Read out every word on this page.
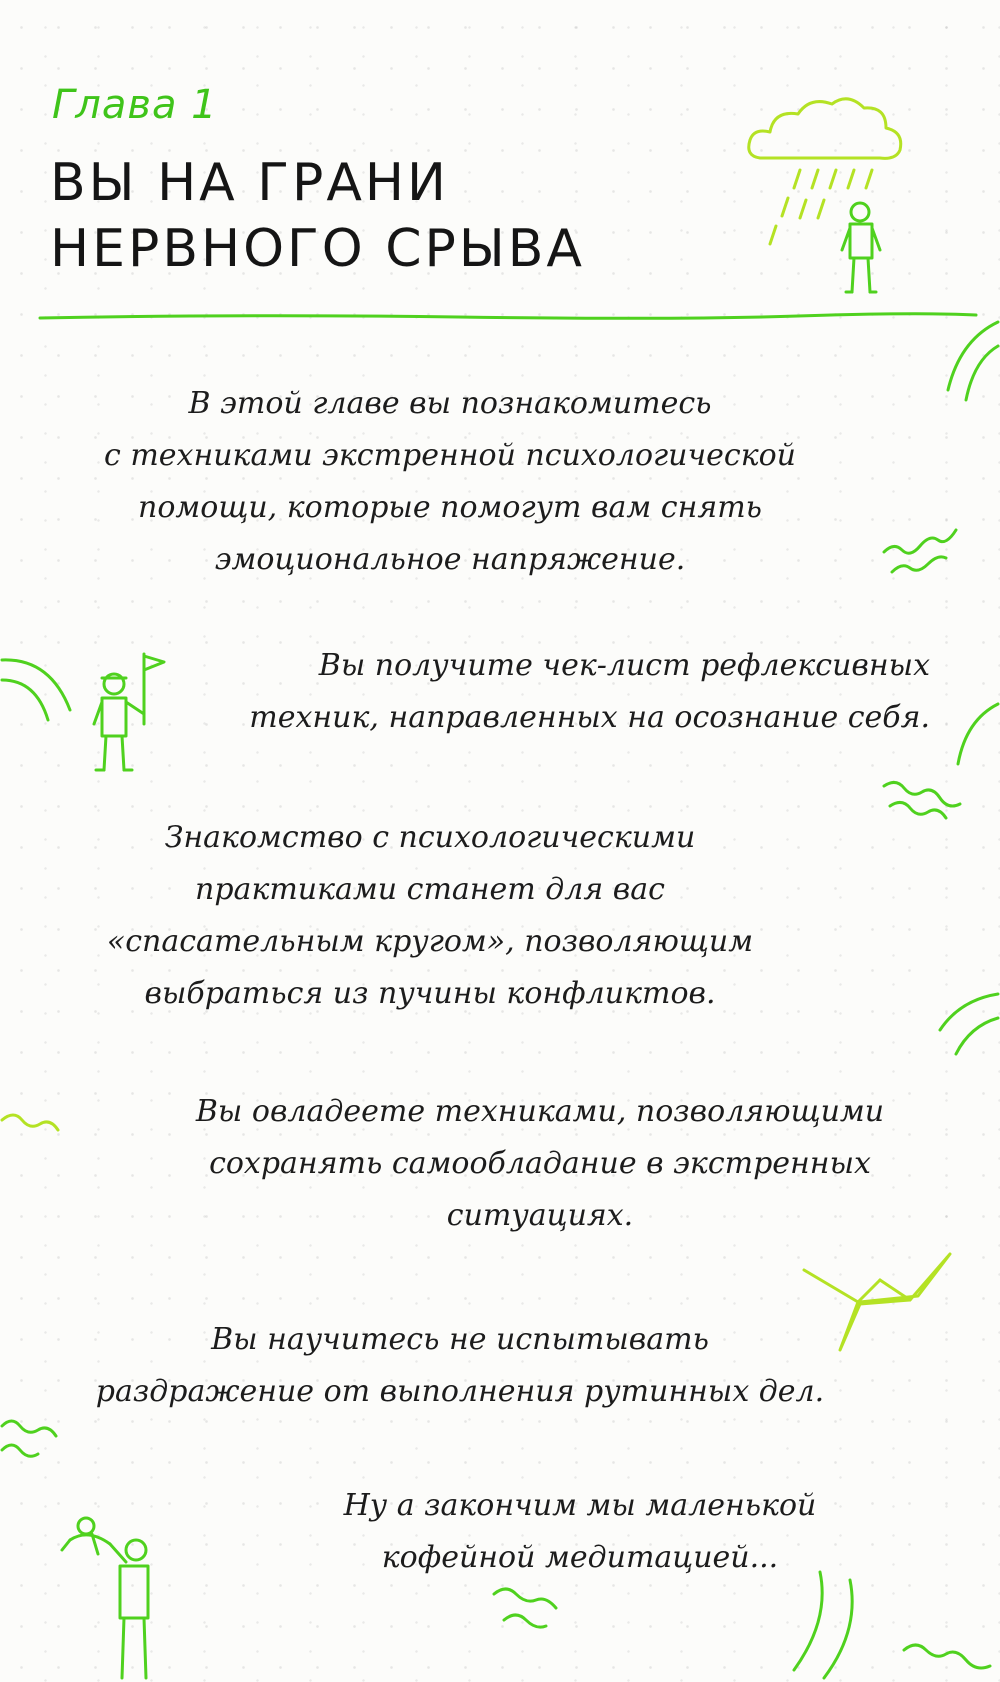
Глава 1
ВЫ НА ГРАНИ
НЕРВНОГО СРЫВА

В этой главе вы познакомитесь
с техниками экстренной психологической
помощи, которые помогут вам снять
эмоциональное напряжение.

Вы получите чек-лист рефлексивных
техник, направленных на осознание себя.

Знакомство с психологическими
практиками станет для вас
«спасательным кругом», позволяющим
выбраться из пучины конфликтов.

Вы овладеете техниками, позволяющими
сохранять самообладание в экстренных
ситуациях.

Вы научитесь не испытывать
раздражение от выполнения рутинных дел.

Ну а закончим мы маленькой
кофейной медитацией...
